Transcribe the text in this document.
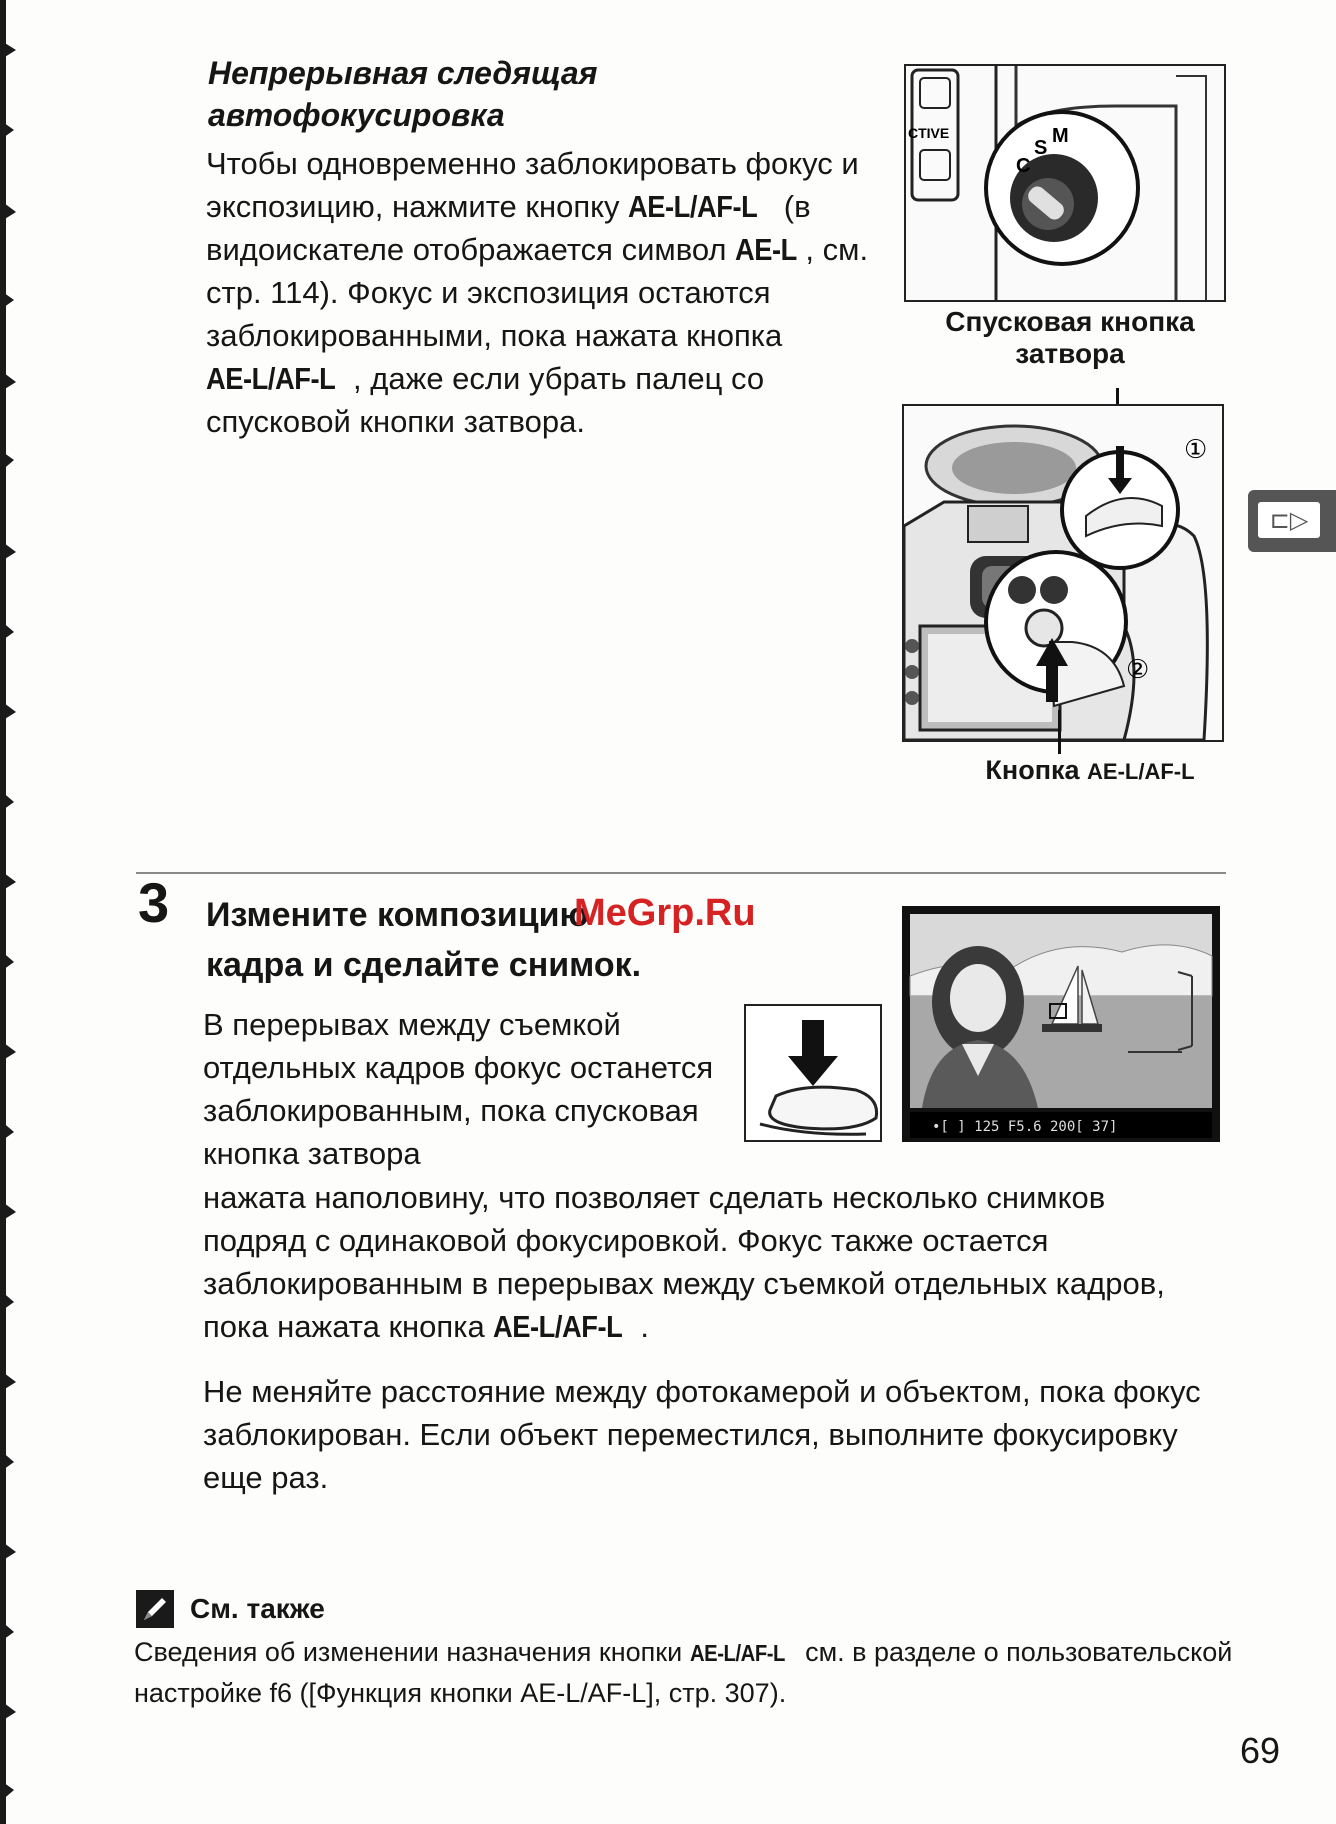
Непрерывная следящая
автофокусировка
Чтобы одновременно заблокировать фокус и экспозицию, нажмите кнопку AE-L/AF-L (в видоискателе отображается символ AE-L , см. стр. 114). Фокус и экспозиция остаются заблокированными, пока нажата кнопка AE-L/AF-L , даже если убрать палец со спусковой кнопки затвора.
CTIVE
C
S
M
Спусковая кнопка
затвора
①
②
Кнопка AE-L/AF-L
⊏▷
3 Измените композицию
кадра и сделайте снимок.
MeGrp.Ru
В перерывах между съемкой отдельных кадров фокус останется заблокированным, пока спусковая кнопка затвора
•[ ] 125 F5.6 200[ 37]
нажата наполовину, что позволяет сделать несколько снимков подряд с одинаковой фокусировкой. Фокус также остается заблокированным в перерывах между съемкой отдельных кадров, пока нажата кнопка AE-L/AF-L .
Не меняйте расстояние между фотокамерой и объектом, пока фокус заблокирован. Если объект переместился, выполните фокусировку еще раз.
См. также
Сведения об изменении назначения кнопки AE-L/AF-L см. в разделе о пользовательской настройке f6 ([Функция кнопки AE-L/AF-L], стр. 307).
69
